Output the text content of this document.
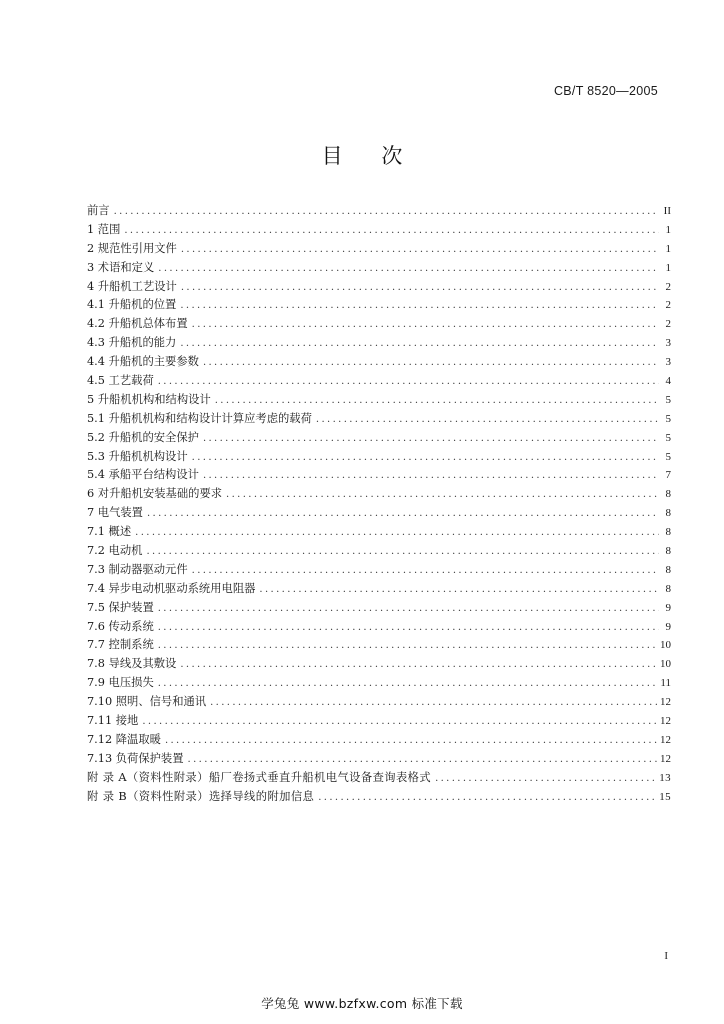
CB/T 8520—2005
目 次
前言 . . .	II
1 范围 . . .	1
2 规范性引用文件 . . .	1
3 术语和定义 . . .	1
4 升船机工艺设计 . . .	2
4.1 升船机的位置 . . .	2
4.2 升船机总体布置 . . .	2
4.3 升船机的能力 . . .	3
4.4 升船机的主要参数 . . .	3
4.5 工艺载荷 . . .	4
5 升船机机构和结构设计 . . .	5
5.1 升船机机构和结构设计计算应考虑的载荷 . . .	5
5.2 升船机的安全保护 . . .	5
5.3 升船机机构设计 . . .	5
5.4 承船平台结构设计 . . .	7
6 对升船机安装基础的要求 . . .	8
7 电气装置 . . .	8
7.1 概述 . . .	8
7.2 电动机 . . .	8
7.3 制动器驱动元件 . . .	8
7.4 异步电动机驱动系统用电阻器 . . .	8
7.5 保护装置 . . .	9
7.6 传动系统 . . .	9
7.7 控制系统 . . .	10
7.8 导线及其敷设 . . .	10
7.9 电压损失 . . .	11
7.10 照明、信号和通讯 . . .	12
7.11 接地 . . .	12
7.12 降温取暖 . . .	12
7.13 负荷保护装置 . . .	12
附 录 A（资料性附录）船厂卷扬式垂直升船机电气设备查询表格式 . . .	13
附 录 B（资料性附录）选择导线的附加信息 . . .	15
I
学兔兔 www.bzfxw.com 标准下载
